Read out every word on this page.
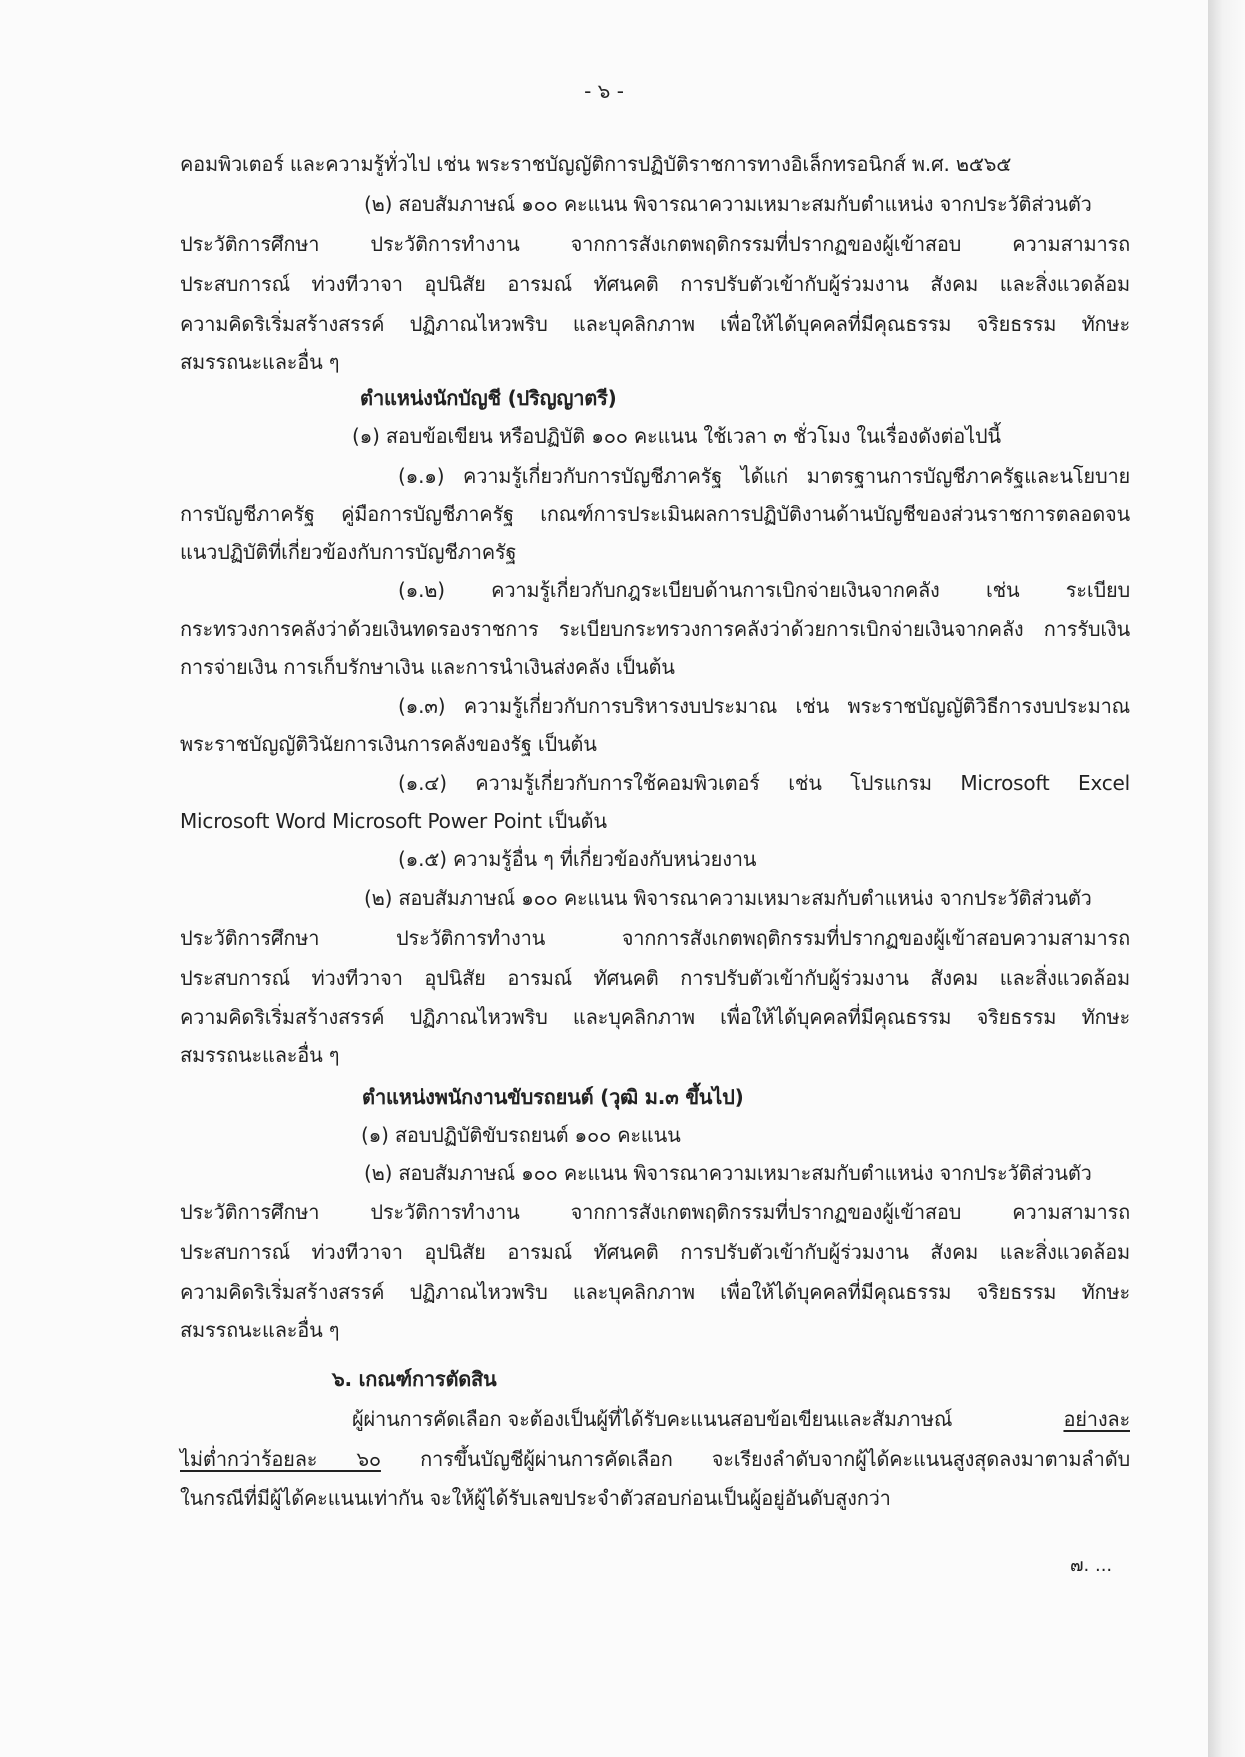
- ๖ -
คอมพิวเตอร์ และความรู้ทั่วไป เช่น พระราชบัญญัติการปฏิบัติราชการทางอิเล็กทรอนิกส์ พ.ศ. ๒๕๖๕
(๒) สอบสัมภาษณ์ ๑๐๐ คะแนน พิจารณาความเหมาะสมกับตำแหน่ง จากประวัติส่วนตัว
ประวัติการศึกษา ประวัติการทำงาน จากการสังเกตพฤติกรรมที่ปรากฏของผู้เข้าสอบ ความสามารถ
ประสบการณ์ ท่วงทีวาจา อุปนิสัย อารมณ์ ทัศนคติ การปรับตัวเข้ากับผู้ร่วมงาน สังคม และสิ่งแวดล้อม
ความคิดริเริ่มสร้างสรรค์ ปฏิภาณไหวพริบ และบุคลิกภาพ เพื่อให้ได้บุคคลที่มีคุณธรรม จริยธรรม ทักษะ
สมรรถนะและอื่น ๆ
ตำแหน่งนักบัญชี (ปริญญาตรี)
(๑) สอบข้อเขียน หรือปฏิบัติ ๑๐๐ คะแนน ใช้เวลา ๓ ชั่วโมง ในเรื่องดังต่อไปนี้
(๑.๑) ความรู้เกี่ยวกับการบัญชีภาครัฐ ได้แก่ มาตรฐานการบัญชีภาครัฐและนโยบาย
การบัญชีภาครัฐ คู่มือการบัญชีภาครัฐ เกณฑ์การประเมินผลการปฏิบัติงานด้านบัญชีของส่วนราชการตลอดจน
แนวปฏิบัติที่เกี่ยวข้องกับการบัญชีภาครัฐ
(๑.๒) ความรู้เกี่ยวกับกฎระเบียบด้านการเบิกจ่ายเงินจากคลัง เช่น ระเบียบ
กระทรวงการคลังว่าด้วยเงินทดรองราชการ ระเบียบกระทรวงการคลังว่าด้วยการเบิกจ่ายเงินจากคลัง การรับเงิน
การจ่ายเงิน การเก็บรักษาเงิน และการนำเงินส่งคลัง เป็นต้น
(๑.๓) ความรู้เกี่ยวกับการบริหารงบประมาณ เช่น พระราชบัญญัติวิธีการงบประมาณ
พระราชบัญญัติวินัยการเงินการคลังของรัฐ เป็นต้น
(๑.๔) ความรู้เกี่ยวกับการใช้คอมพิวเตอร์ เช่น โปรแกรม Microsoft Excel
Microsoft Word Microsoft Power Point เป็นต้น
(๑.๕) ความรู้อื่น ๆ ที่เกี่ยวข้องกับหน่วยงาน
(๒) สอบสัมภาษณ์ ๑๐๐ คะแนน พิจารณาความเหมาะสมกับตำแหน่ง จากประวัติส่วนตัว
ประวัติการศึกษา ประวัติการทำงาน จากการสังเกตพฤติกรรมที่ปรากฏของผู้เข้าสอบความสามารถ
ประสบการณ์ ท่วงทีวาจา อุปนิสัย อารมณ์ ทัศนคติ การปรับตัวเข้ากับผู้ร่วมงาน สังคม และสิ่งแวดล้อม
ความคิดริเริ่มสร้างสรรค์ ปฏิภาณไหวพริบ และบุคลิกภาพ เพื่อให้ได้บุคคลที่มีคุณธรรม จริยธรรม ทักษะ
สมรรถนะและอื่น ๆ
ตำแหน่งพนักงานขับรถยนต์ (วุฒิ ม.๓ ขึ้นไป)
(๑) สอบปฏิบัติขับรถยนต์ ๑๐๐ คะแนน
(๒) สอบสัมภาษณ์ ๑๐๐ คะแนน พิจารณาความเหมาะสมกับตำแหน่ง จากประวัติส่วนตัว
ประวัติการศึกษา ประวัติการทำงาน จากการสังเกตพฤติกรรมที่ปรากฏของผู้เข้าสอบ ความสามารถ
ประสบการณ์ ท่วงทีวาจา อุปนิสัย อารมณ์ ทัศนคติ การปรับตัวเข้ากับผู้ร่วมงาน สังคม และสิ่งแวดล้อม
ความคิดริเริ่มสร้างสรรค์ ปฏิภาณไหวพริบ และบุคลิกภาพ เพื่อให้ได้บุคคลที่มีคุณธรรม จริยธรรม ทักษะ
สมรรถนะและอื่น ๆ
๖. เกณฑ์การตัดสิน
ผู้ผ่านการคัดเลือก จะต้องเป็นผู้ที่ได้รับคะแนนสอบข้อเขียนและสัมภาษณ์	อย่างละ
ไม่ต่ำกว่าร้อยละ ๖๐ การขึ้นบัญชีผู้ผ่านการคัดเลือก จะเรียงลำดับจากผู้ได้คะแนนสูงสุดลงมาตามลำดับ
ในกรณีที่มีผู้ได้คะแนนเท่ากัน จะให้ผู้ได้รับเลขประจำตัวสอบก่อนเป็นผู้อยู่อันดับสูงกว่า
๗. ...
